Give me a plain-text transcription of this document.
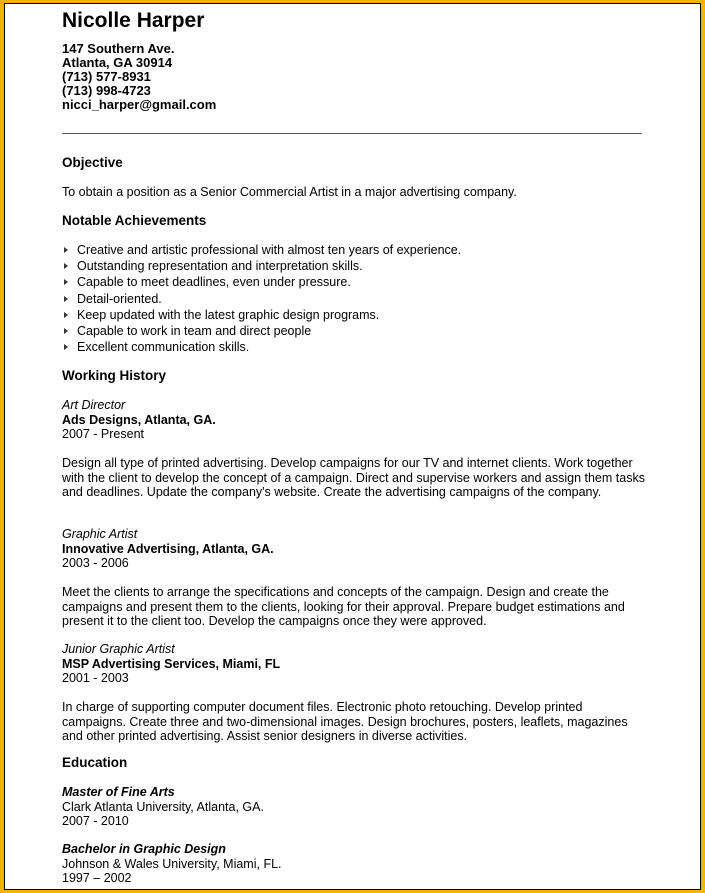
Nicolle Harper
147 Southern Ave.
Atlanta, GA 30914
(713) 577-8931
(713) 998-4723
nicci_harper@gmail.com
Objective
To obtain a position as a Senior Commercial Artist in a major advertising company.
Notable Achievements
Creative and artistic professional with almost ten years of experience.
Outstanding representation and interpretation skills.
Capable to meet deadlines, even under pressure.
Detail-oriented.
Keep updated with the latest graphic design programs.
Capable to work in team and direct people
Excellent communication skills.
Working History
Art Director
Ads Designs, Atlanta, GA.
2007 - Present
Design all type of printed advertising. Develop campaigns for our TV and internet clients. Work together with the client to develop the concept of a campaign. Direct and supervise workers and assign them tasks and deadlines. Update the company's website. Create the advertising campaigns of the company.
Graphic Artist
Innovative Advertising, Atlanta, GA.
2003 - 2006
Meet the clients to arrange the specifications and concepts of the campaign. Design and create the campaigns and present them to the clients, looking for their approval. Prepare budget estimations and present it to the client too. Develop the campaigns once they were approved.
Junior Graphic Artist
MSP Advertising Services, Miami, FL
2001 - 2003
In charge of supporting computer document files. Electronic photo retouching. Develop printed campaigns. Create three and two-dimensional images. Design brochures, posters, leaflets, magazines and other printed advertising. Assist senior designers in diverse activities.
Education
Master of Fine Arts
Clark Atlanta University, Atlanta, GA.
2007 - 2010
Bachelor in Graphic Design
Johnson & Wales University, Miami, FL.
1997 – 2002
